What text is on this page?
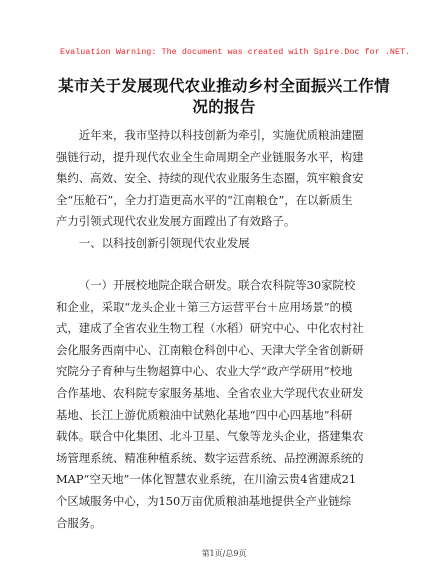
Evaluation Warning: The document was created with Spire.Doc for .NET.
某市关于发展现代农业推动乡村全面振兴工作情况的报告
近年来，我市坚持以科技创新为牵引，实施优质粮油建圈
强链行动，提升现代农业全生命周期全产业链服务水平，构建
集约、高效、安全、持续的现代农业服务生态圈，筑牢粮食安
全“压舱石”，全力打造更高水平的“江南粮仓”，在以新质生
产力引领式现代农业发展方面蹚出了有效路子。
一、以科技创新引领现代农业发展
（一）开展校地院企联合研发。联合农科院等30家院校
和企业，采取“龙头企业＋第三方运营平台＋应用场景”的模
式，建成了全省农业生物工程（水稻）研究中心、中化农村社
会化服务西南中心、江南粮仓科创中心、天津大学全省创新研
究院分子育种与生物超算中心、农业大学“政产学研用”校地
合作基地、农科院专家服务基地、全省农业大学现代农业研发
基地、长江上游优质粮油中试熟化基地“四中心四基地”科研
载体。联合中化集团、北斗卫星、气象等龙头企业，搭建集农
场管理系统、精准种植系统、数字运营系统、品控溯源系统的
MAP“空天地”一体化智慧农业系统，在川渝云贵4省建成21
个区域服务中心，为150万亩优质粮油基地提供全产业链综
合服务。
第1页/总9页
